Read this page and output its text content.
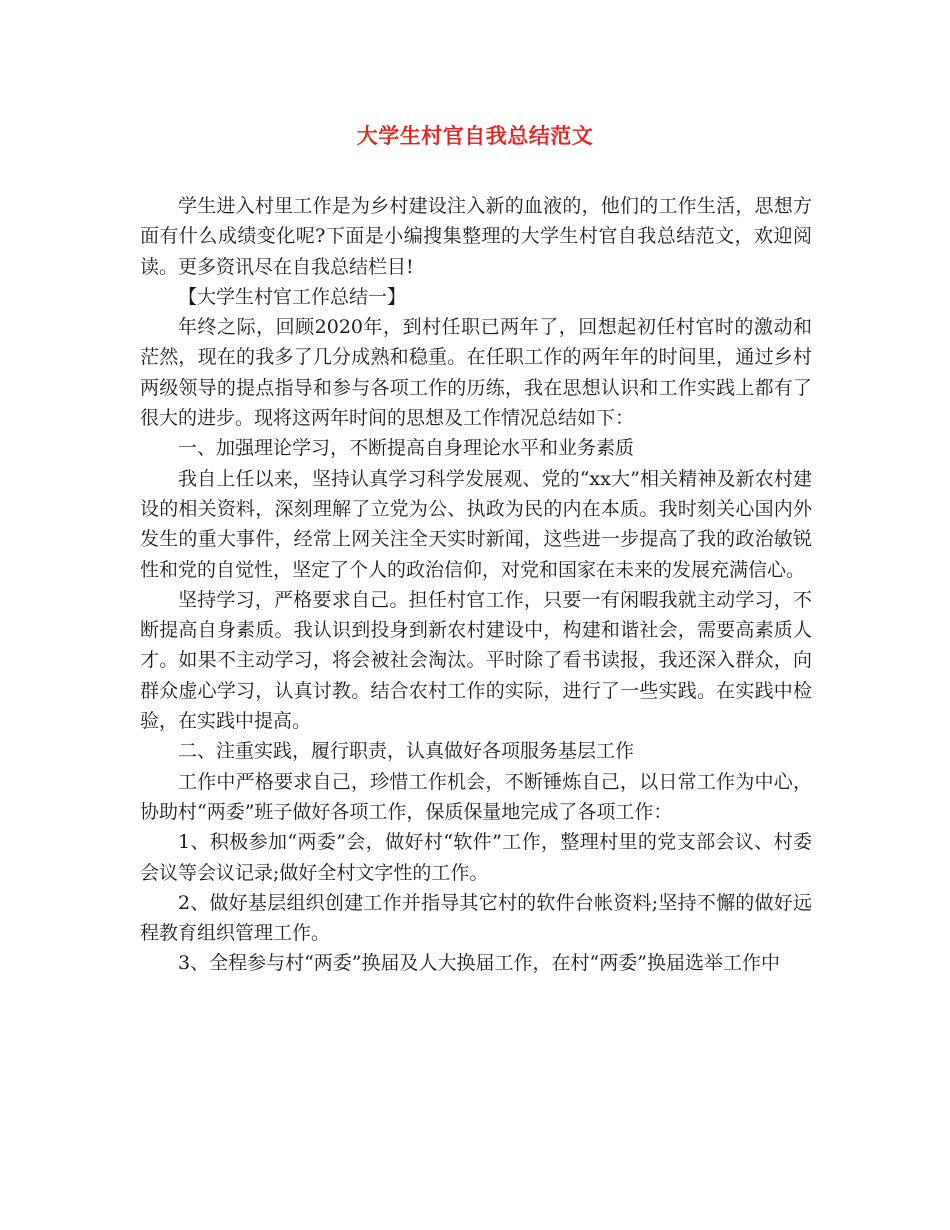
大学生村官自我总结范文

学生进入村里工作是为乡村建设注入新的血液的，他们的工作生活，思想方面有什么成绩变化呢?下面是小编搜集整理的大学生村官自我总结范文，欢迎阅读。更多资讯尽在自我总结栏目!

【大学生村官工作总结一】

年终之际，回顾2020年，到村任职已两年了，回想起初任村官时的激动和茫然，现在的我多了几分成熟和稳重。在任职工作的两年年的时间里，通过乡村两级领导的提点指导和参与各项工作的历练，我在思想认识和工作实践上都有了很大的进步。现将这两年时间的思想及工作情况总结如下：

一、加强理论学习，不断提高自身理论水平和业务素质

我自上任以来，坚持认真学习科学发展观、党的“xx大”相关精神及新农村建设的相关资料，深刻理解了立党为公、执政为民的内在本质。我时刻关心国内外发生的重大事件，经常上网关注全天实时新闻，这些进一步提高了我的政治敏锐性和党的自觉性，坚定了个人的政治信仰，对党和国家在未来的发展充满信心。

坚持学习，严格要求自己。担任村官工作，只要一有闲暇我就主动学习，不断提高自身素质。我认识到投身到新农村建设中，构建和谐社会，需要高素质人才。如果不主动学习，将会被社会淘汰。平时除了看书读报，我还深入群众，向群众虚心学习，认真讨教。结合农村工作的实际，进行了一些实践。在实践中检验，在实践中提高。

二、注重实践，履行职责，认真做好各项服务基层工作

工作中严格要求自己，珍惜工作机会，不断锤炼自己，以日常工作为中心，协助村“两委”班子做好各项工作，保质保量地完成了各项工作：

1、积极参加“两委”会，做好村“软件”工作，整理村里的党支部会议、村委会议等会议记录;做好全村文字性的工作。

2、做好基层组织创建工作并指导其它村的软件台帐资料;坚持不懈的做好远程教育组织管理工作。

3、全程参与村“两委”换届及人大换届工作，在村“两委”换届选举工作中
